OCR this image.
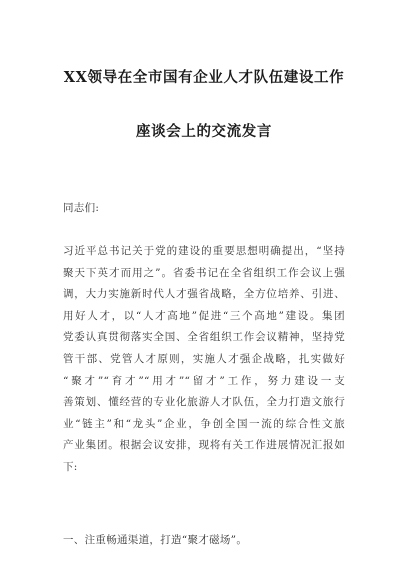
XX领导在全市国有企业人才队伍建设工作
座谈会上的交流发言
同志们:
习近平总书记关于党的建设的重要思想明确提出，“坚持
聚天下英才而用之”。省委书记在全省组织工作会议上强
调，大力实施新时代人才强省战略，全方位培养、引进、
用好人才，以“人才高地”促进“三个高地”建设。集团
党委认真贯彻落实全国、全省组织工作会议精神，坚持党
管干部、党管人才原则，实施人才强企战略，扎实做好
“聚才”“育才”“用才”“留才”工作，努力建设一支
善策划、懂经营的专业化旅游人才队伍，全力打造文旅行
业“链主”和“龙头”企业，争创全国一流的综合性文旅
产业集团。根据会议安排，现将有关工作进展情况汇报如
下:
一、注重畅通渠道，打造“聚才磁场”。
